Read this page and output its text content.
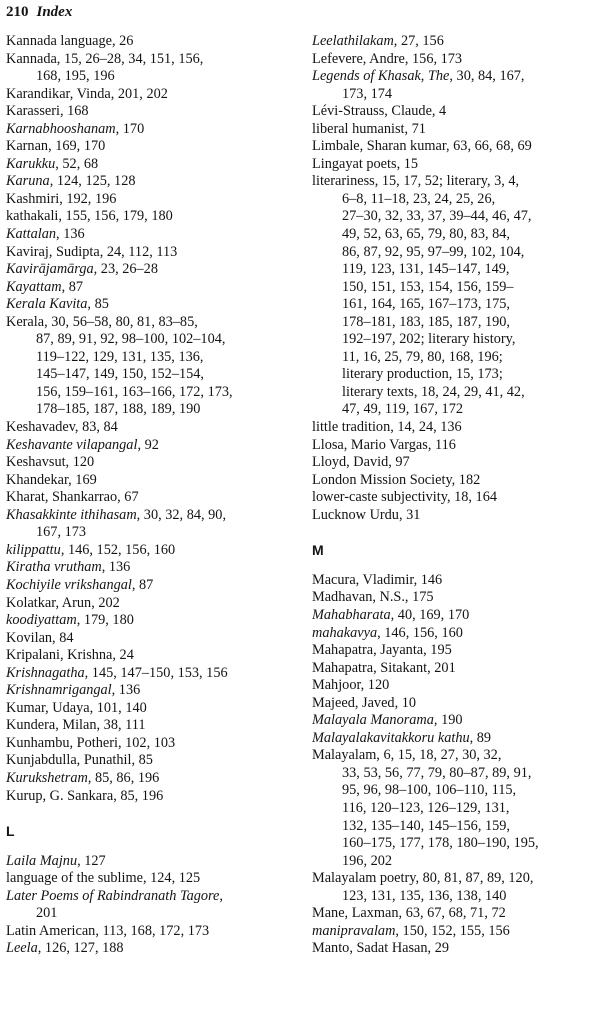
210 Index
Kannada language, 26
Kannada, 15, 26–28, 34, 151, 156,
168, 195, 196
Karandikar, Vinda, 201, 202
Karasseri, 168
Karnabhooshanam, 170
Karnan, 169, 170
Karukku, 52, 68
Karuna, 124, 125, 128
Kashmiri, 192, 196
kathakali, 155, 156, 179, 180
Kattalan, 136
Kaviraj, Sudipta, 24, 112, 113
Kavirājamārga, 23, 26–28
Kayattam, 87
Kerala Kavita, 85
Kerala, 30, 56–58, 80, 81, 83–85,
87, 89, 91, 92, 98–100, 102–104,
119–122, 129, 131, 135, 136,
145–147, 149, 150, 152–154,
156, 159–161, 163–166, 172, 173,
178–185, 187, 188, 189, 190
Keshavadev, 83, 84
Keshavante vilapangal, 92
Keshavsut, 120
Khandekar, 169
Kharat, Shankarrao, 67
Khasakkinte ithihasam, 30, 32, 84, 90,
167, 173
kilippattu, 146, 152, 156, 160
Kiratha vrutham, 136
Kochiyile vrikshangal, 87
Kolatkar, Arun, 202
koodiyattam, 179, 180
Kovilan, 84
Kripalani, Krishna, 24
Krishnagatha, 145, 147–150, 153, 156
Krishnamrigangal, 136
Kumar, Udaya, 101, 140
Kundera, Milan, 38, 111
Kunhambu, Potheri, 102, 103
Kunjabdulla, Punathil, 85
Kurukshetram, 85, 86, 196
Kurup, G. Sankara, 85, 196
L
Laila Majnu, 127
language of the sublime, 124, 125
Later Poems of Rabindranath Tagore,
201
Latin American, 113, 168, 172, 173
Leela, 126, 127, 188
Leelathilakam, 27, 156
Lefevere, Andre, 156, 173
Legends of Khasak, The, 30, 84, 167,
173, 174
Lévi-Strauss, Claude, 4
liberal humanist, 71
Limbale, Sharan kumar, 63, 66, 68, 69
Lingayat poets, 15
literariness, 15, 17, 52; literary, 3, 4,
6–8, 11–18, 23, 24, 25, 26,
27–30, 32, 33, 37, 39–44, 46, 47,
49, 52, 63, 65, 79, 80, 83, 84,
86, 87, 92, 95, 97–99, 102, 104,
119, 123, 131, 145–147, 149,
150, 151, 153, 154, 156, 159–
161, 164, 165, 167–173, 175,
178–181, 183, 185, 187, 190,
192–197, 202; literary history,
11, 16, 25, 79, 80, 168, 196;
literary production, 15, 173;
literary texts, 18, 24, 29, 41, 42,
47, 49, 119, 167, 172
little tradition, 14, 24, 136
Llosa, Mario Vargas, 116
Lloyd, David, 97
London Mission Society, 182
lower-caste subjectivity, 18, 164
Lucknow Urdu, 31
M
Macura, Vladimir, 146
Madhavan, N.S., 175
Mahabharata, 40, 169, 170
mahakavya, 146, 156, 160
Mahapatra, Jayanta, 195
Mahapatra, Sitakant, 201
Mahjoor, 120
Majeed, Javed, 10
Malayala Manorama, 190
Malayalakavitakkoru kathu, 89
Malayalam, 6, 15, 18, 27, 30, 32,
33, 53, 56, 77, 79, 80–87, 89, 91,
95, 96, 98–100, 106–110, 115,
116, 120–123, 126–129, 131,
132, 135–140, 145–156, 159,
160–175, 177, 178, 180–190, 195,
196, 202
Malayalam poetry, 80, 81, 87, 89, 120,
123, 131, 135, 136, 138, 140
Mane, Laxman, 63, 67, 68, 71, 72
manipravalam, 150, 152, 155, 156
Manto, Sadat Hasan, 29
